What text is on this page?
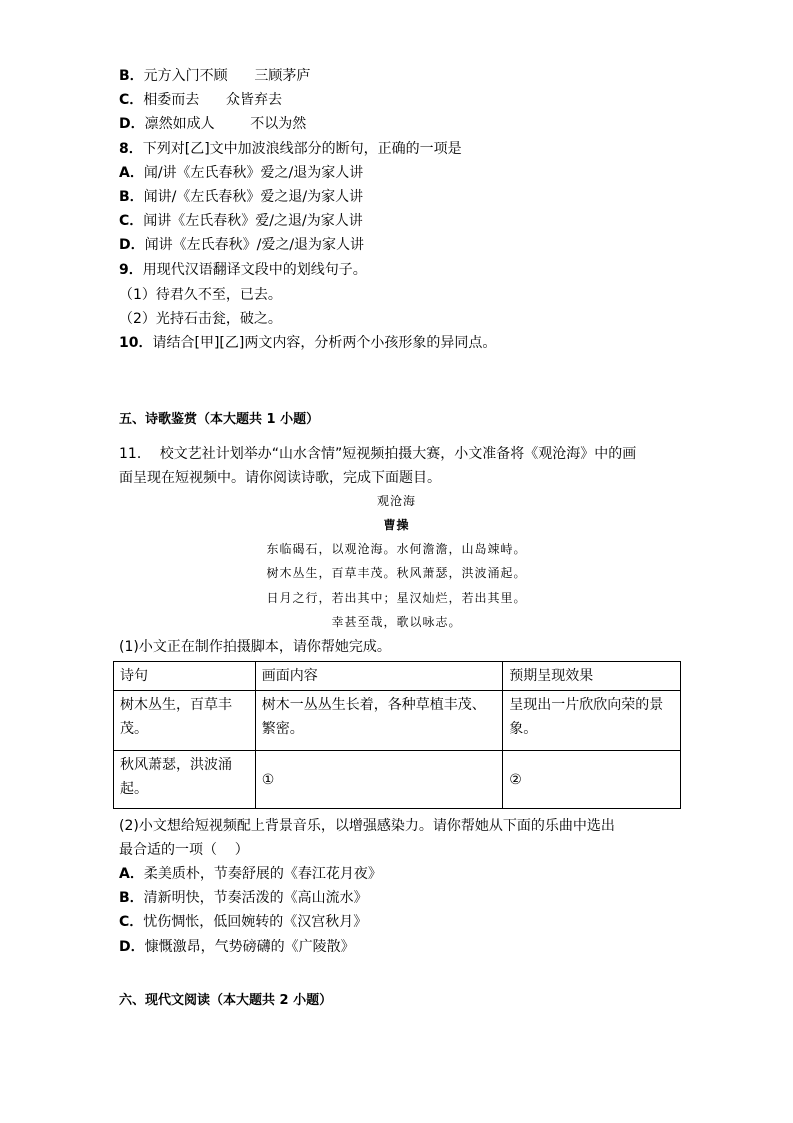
B．元方入门不顾      三顾茅庐
C．相委而去      众皆弃去
D．凛然如成人        不以为然
8．下列对[乙]文中加波浪线部分的断句，正确的一项是
A．闻/讲《左氏春秋》爱之/退为家人讲
B．闻讲/《左氏春秋》爱之退/为家人讲
C．闻讲《左氏春秋》爱/之退/为家人讲
D．闻讲《左氏春秋》/爱之/退为家人讲
9．用现代汉语翻译文段中的划线句子。
（1）待君久不至，已去。
（2）光持石击瓮，破之。
10．请结合[甲][乙]两文内容，分析两个小孩形象的异同点。
五、诗歌鉴赏（本大题共 1 小题）
11．  校文艺社计划举办“山水含情”短视频拍摄大赛，小文准备将《观沧海》中的画
面呈现在短视频中。请你阅读诗歌，完成下面题目。
观沧海
曹操
东临碣石，以观沧海。水何澹澹，山岛竦峙。
树木丛生，百草丰茂。秋风萧瑟，洪波涌起。
日月之行，若出其中；星汉灿烂，若出其里。
幸甚至哉，歌以咏志。
(1)小文正在制作拍摄脚本，请你帮她完成。
诗句	画面内容	预期呈现效果
树木丛生，百草丰茂。	树木一丛丛生长着，各种草植丰茂、繁密。	呈现出一片欣欣向荣的景象。
秋风萧瑟，洪波涌起。	①	②
(2)小文想给短视频配上背景音乐，以增强感染力。请你帮她从下面的乐曲中选出
最合适的一项（    ）
A．柔美质朴，节奏舒展的《春江花月夜》
B．清新明快，节奏活泼的《高山流水》
C．忧伤惆怅，低回婉转的《汉宫秋月》
D．慷慨激昂，气势磅礴的《广陵散》
六、现代文阅读（本大题共 2 小题）
